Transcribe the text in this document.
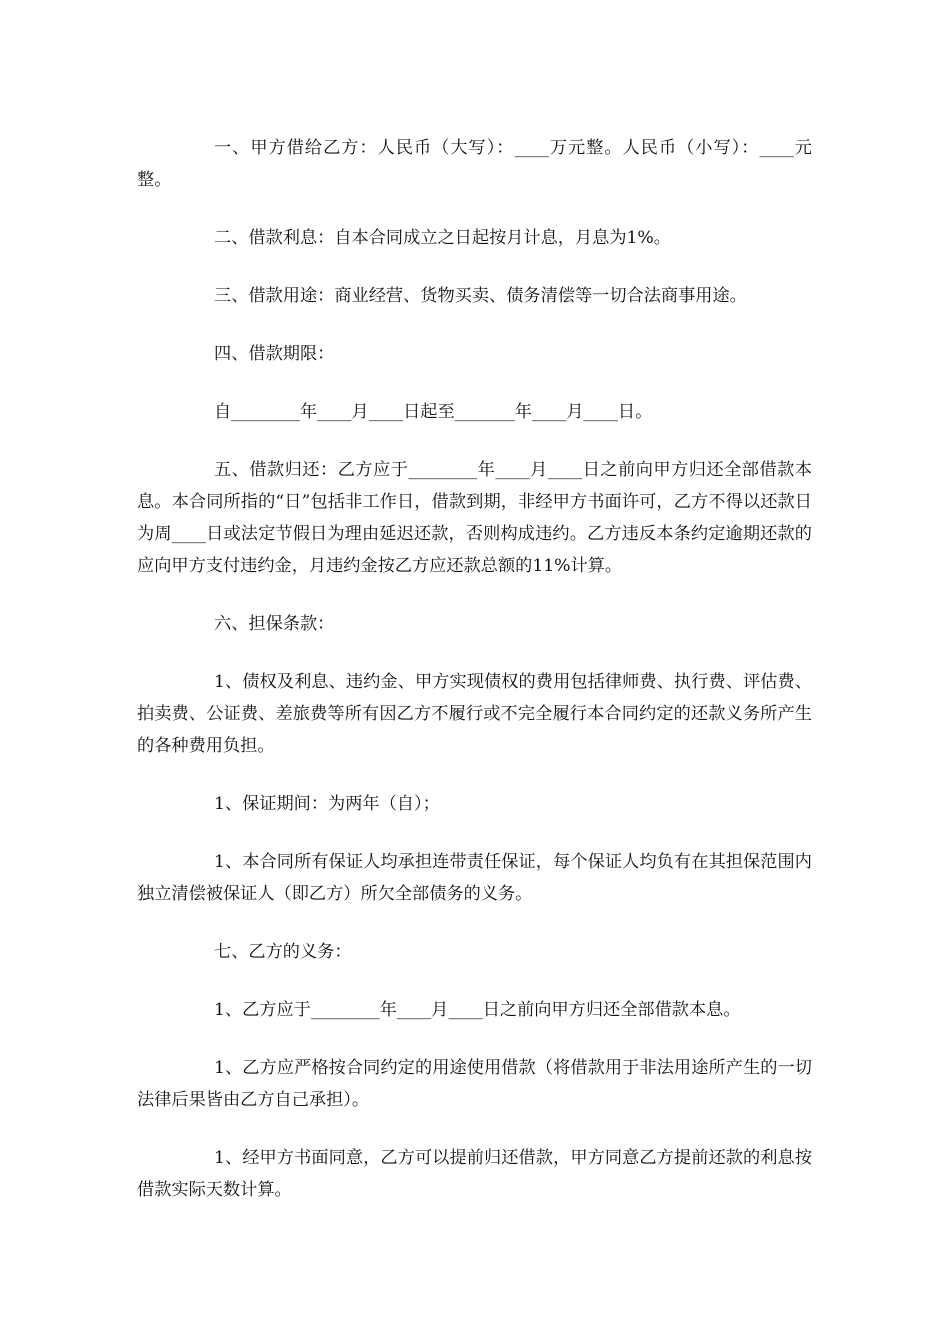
一、甲方借给乙方：人民币（大写）：____万元整。人民币（小写）：____元整。

二、借款利息：自本合同成立之日起按月计息，月息为1%。

三、借款用途：商业经营、货物买卖、债务清偿等一切合法商事用途。

四、借款期限：

自________年____月____日起至_______年____月____日。

五、借款归还：乙方应于________年____月____日之前向甲方归还全部借款本息。本合同所指的“日”包括非工作日，借款到期，非经甲方书面许可，乙方不得以还款日为周____日或法定节假日为理由延迟还款，否则构成违约。乙方违反本条约定逾期还款的应向甲方支付违约金，月违约金按乙方应还款总额的11%计算。

六、担保条款：

1、债权及利息、违约金、甲方实现债权的费用包括律师费、执行费、评估费、拍卖费、公证费、差旅费等所有因乙方不履行或不完全履行本合同约定的还款义务所产生的各种费用负担。

1、保证期间：为两年（自）；

1、本合同所有保证人均承担连带责任保证，每个保证人均负有在其担保范围内独立清偿被保证人（即乙方）所欠全部债务的义务。

七、乙方的义务：

1、乙方应于________年____月____日之前向甲方归还全部借款本息。

1、乙方应严格按合同约定的用途使用借款（将借款用于非法用途所产生的一切法律后果皆由乙方自己承担）。

1、经甲方书面同意，乙方可以提前归还借款，甲方同意乙方提前还款的利息按借款实际天数计算。
